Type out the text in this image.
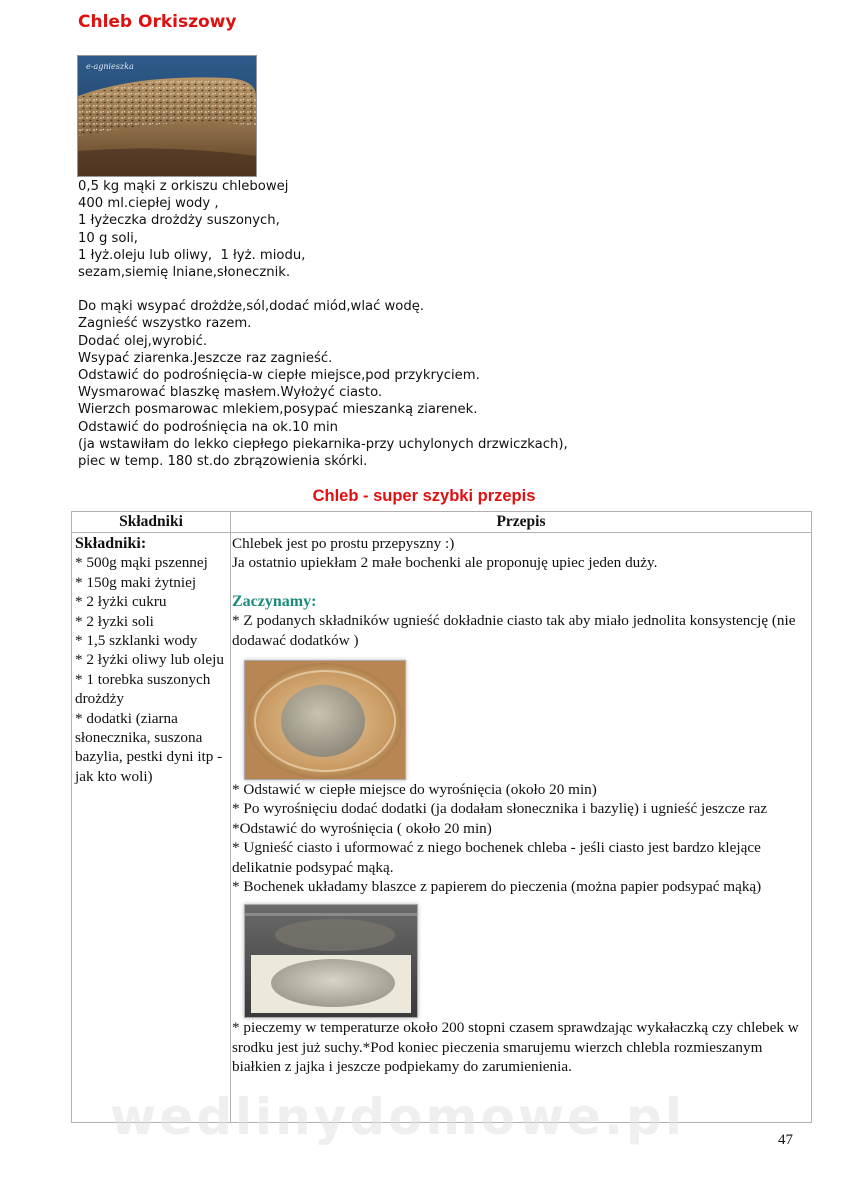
Chleb Orkiszowy
e-agnieszka
0,5 kg mąki z orkiszu chlebowej
400 ml.ciepłej wody ,
1 łyżeczka drożdży suszonych,
10 g soli,
1 łyż.oleju lub oliwy,  1 łyż. miodu,
sezam,siemię lniane,słonecznik.
Do mąki wsypać drożdże,sól,dodać miód,wlać wodę.
Zagnieść wszystko razem.
Dodać olej,wyrobić.
Wsypać ziarenka.Jeszcze raz zagnieść.
Odstawić do podrośnięcia-w ciepłe miejsce,pod przykryciem.
Wysmarować blaszkę masłem.Wyłożyć ciasto.
Wierzch posmarowac mlekiem,posypać mieszanką ziarenek.
Odstawić do podrośnięcia na ok.10 min
(ja wstawiłam do lekko ciepłego piekarnika-przy uchylonych drzwiczkach),
piec w temp. 180 st.do zbrązowienia skórki.
Chleb - super szybki przepis
Składniki	Przepis
Składniki:
* 500g mąki pszennej
* 150g maki żytniej
* 2 łyżki cukru
* 2 łyzki soli
* 1,5 szklanki wody
* 2 łyżki oliwy lub oleju
* 1 torebka suszonych drożdży
* dodatki (ziarna słonecznika, suszona bazylia, pestki dyni itp - jak kto woli)

Chlebek jest po prostu przepyszny :)

Ja ostatnio upiekłam 2 małe bochenki ale proponuję upiec jeden duży.

Zaczynamy:

* Z podanych składników ugnieść dokładnie ciasto tak aby miało jednolita konsystencję (nie dodawać dodatków )

* Odstawić w ciepłe miejsce do wyrośnięcia (około 20 min)

* Po wyrośnięciu dodać dodatki (ja dodałam słonecznika i bazylię) i ugnieść jeszcze raz

*Odstawić do wyrośnięcia ( około 20 min)

* Ugnieść ciasto i uformować z niego bochenek chleba - jeśli ciasto jest bardzo klejące delikatnie podsypać mąką.

* Bochenek układamy blaszce z papierem do pieczenia (można papier podsypać mąką)

* pieczemy w temperaturze około 200 stopni czasem sprawdzając wykałaczką czy chlebek w srodku jest już suchy.*Pod koniec pieczenia smarujemu wierzch chlebla rozmieszanym białkien z jajka i jeszcze podpiekamy do zarumienienia.

wedlinydomowe.pl	47
